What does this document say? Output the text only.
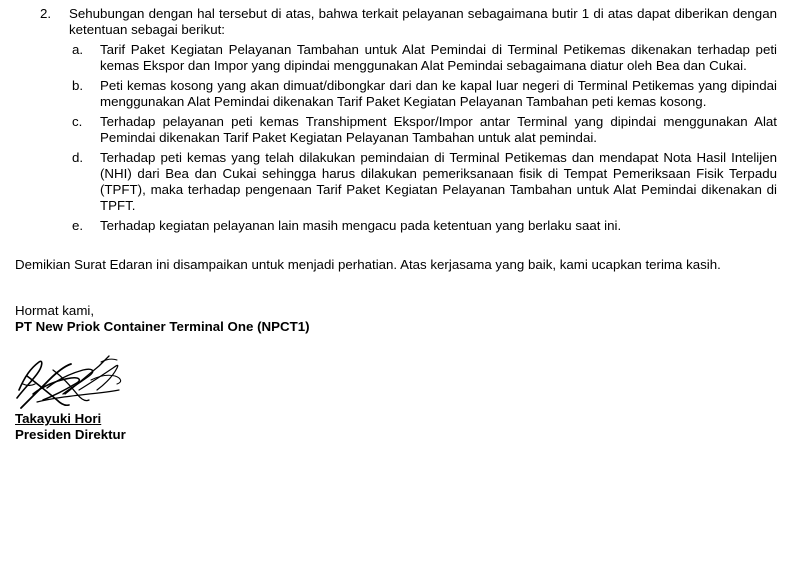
2. Sehubungan dengan hal tersebut di atas, bahwa terkait pelayanan sebagaimana butir 1 di atas dapat diberikan dengan ketentuan sebagai berikut:
a. Tarif Paket Kegiatan Pelayanan Tambahan untuk Alat Pemindai di Terminal Petikemas dikenakan terhadap peti kemas Ekspor dan Impor yang dipindai menggunakan Alat Pemindai sebagaimana diatur oleh Bea dan Cukai.
b. Peti kemas kosong yang akan dimuat/dibongkar dari dan ke kapal luar negeri di Terminal Petikemas yang dipindai menggunakan Alat Pemindai dikenakan Tarif Paket Kegiatan Pelayanan Tambahan peti kemas kosong.
c. Terhadap pelayanan peti kemas Transhipment Ekspor/Impor antar Terminal yang dipindai menggunakan Alat Pemindai dikenakan Tarif Paket Kegiatan Pelayanan Tambahan untuk alat pemindai.
d. Terhadap peti kemas yang telah dilakukan pemindaian di Terminal Petikemas dan mendapat Nota Hasil Intelijen (NHI) dari Bea dan Cukai sehingga harus dilakukan pemeriksanaan fisik di Tempat Pemeriksaan Fisik Terpadu (TPFT), maka terhadap pengenaan Tarif Paket Kegiatan Pelayanan Tambahan untuk Alat Pemindai dikenakan di TPFT.
e. Terhadap kegiatan pelayanan lain masih mengacu pada ketentuan yang berlaku saat ini.
Demikian Surat Edaran ini disampaikan untuk menjadi perhatian. Atas kerjasama yang baik, kami ucapkan terima kasih.
Hormat kami,
PT New Priok Container Terminal One (NPCT1)
Takayuki Hori
Presiden Direktur
